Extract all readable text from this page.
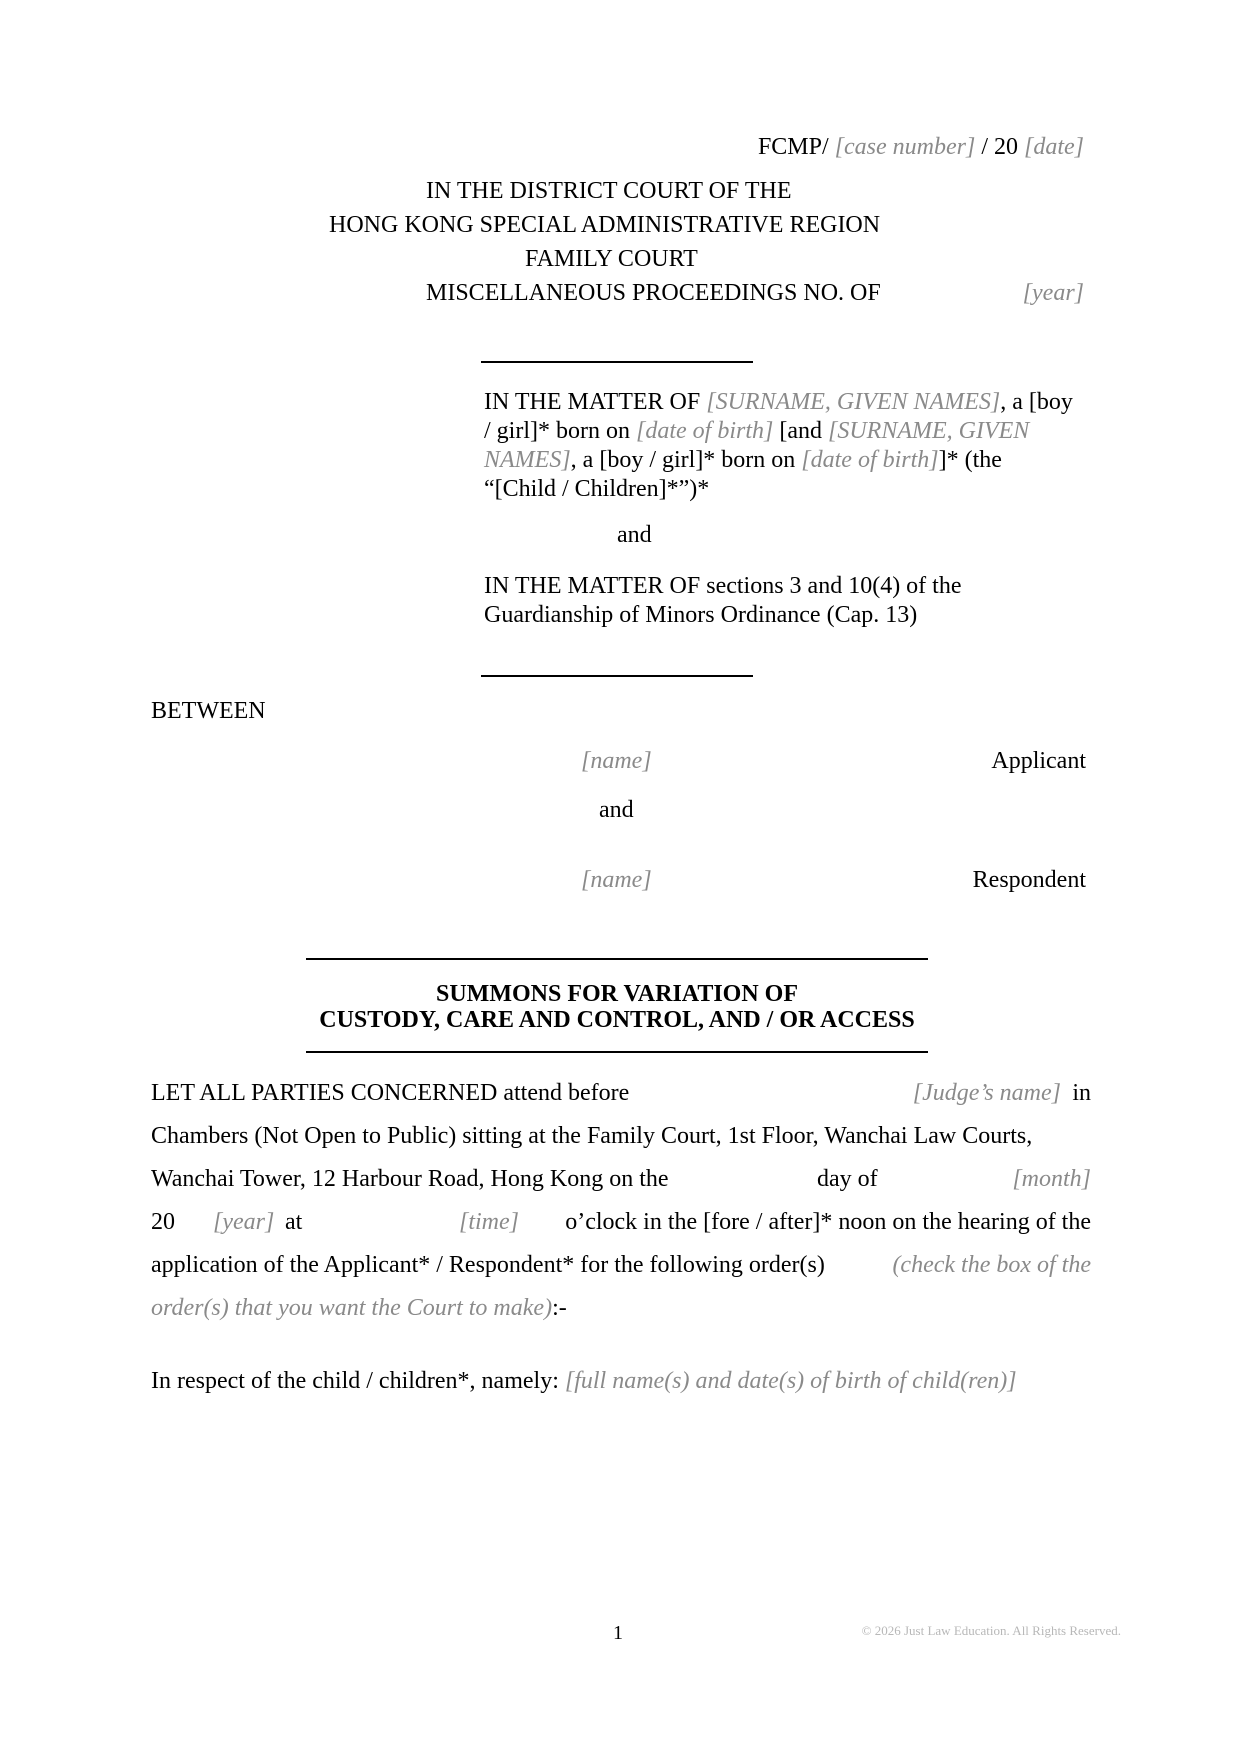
FCMP/ [case number] / 20 [date]
IN THE DISTRICT COURT OF THE
HONG KONG SPECIAL ADMINISTRATIVE REGION
FAMILY COURT
MISCELLANEOUS PROCEEDINGS NO. OF	[year]
IN THE MATTER OF [SURNAME, GIVEN NAMES], a [boy / girl]* born on [date of birth] [and [SURNAME, GIVEN NAMES], a [boy / girl]* born on [date of birth]]* (the “[Child / Children]*”)*
and
IN THE MATTER OF sections 3 and 10(4) of the
Guardianship of Minors Ordinance (Cap. 13)
BETWEEN
[name]	Applicant
and
[name]	Respondent
SUMMONS FOR VARIATION OF
CUSTODY, CARE AND CONTROL, AND / OR ACCESS
LET ALL PARTIES CONCERNED attend before	[Judge’s name] in
Chambers (Not Open to Public) sitting at the Family Court, 1st Floor, Wanchai Law Courts,
Wanchai Tower, 12 Harbour Road, Hong Kong on the	day of	[month]
20 [year] at	[time] o’clock in the [fore / after]* noon on the hearing of the
application of the Applicant* / Respondent* for the following order(s)	(check the box of the
order(s) that you want the Court to make):-
In respect of the child / children*, namely: [full name(s) and date(s) of birth of child(ren)]
1	© 2026 Just Law Education. All Rights Reserved.
